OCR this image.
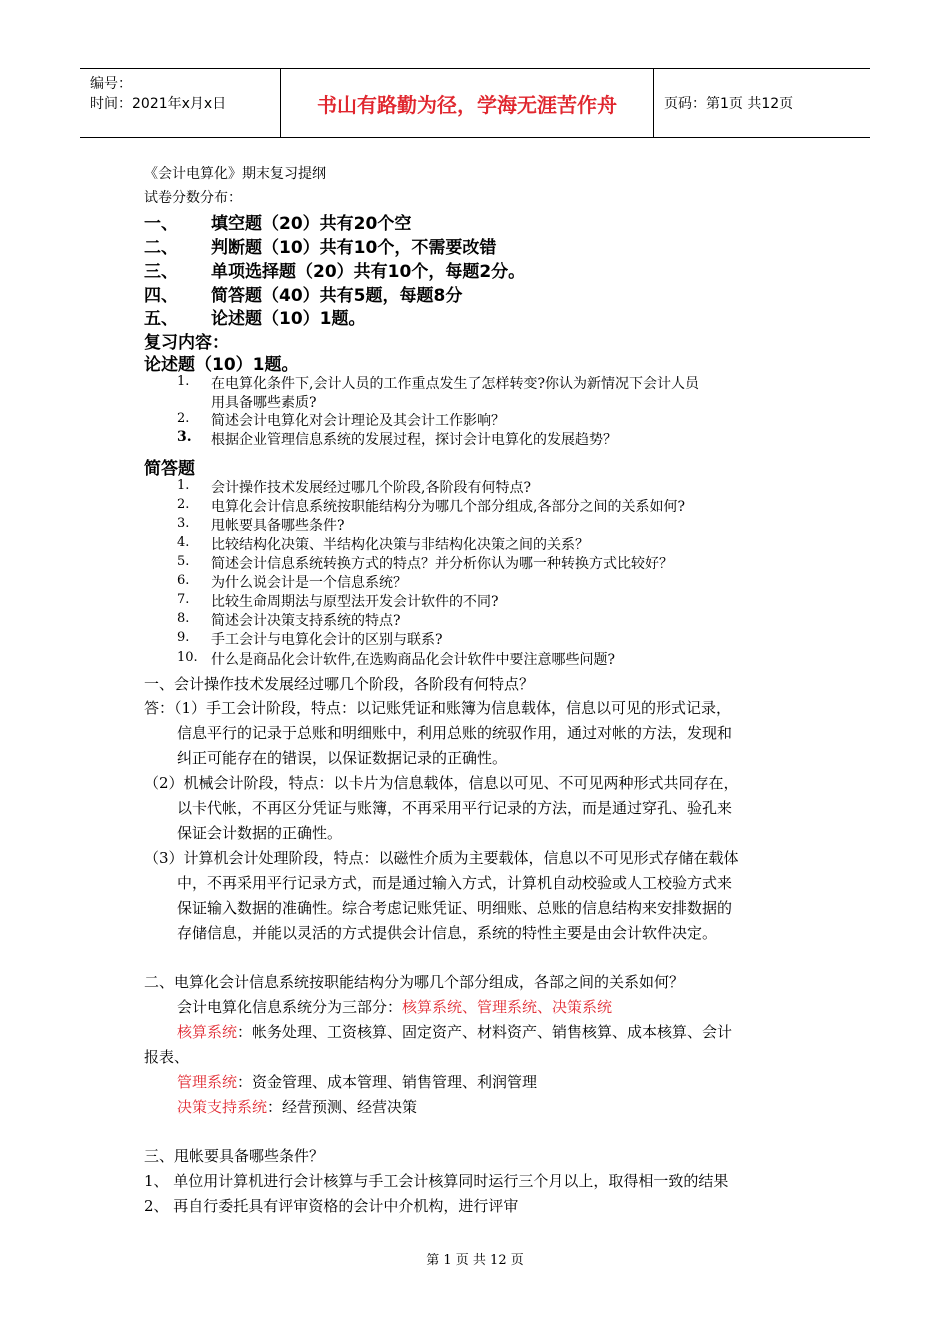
编号：
时间：2021年x月x日	书山有路勤为径，学海无涯苦作舟	页码：第1页 共12页
《会计电算化》期末复习提纲
试卷分数分布：
一、 填空题（20）共有20个空
二、 判断题（10）共有10个，不需要改错
三、 单项选择题（20）共有10个，每题2分。
四、 简答题（40）共有5题，每题8分
五、 论述题（10）1题。
复习内容：
论述题（10）1题。
1. 在电算化条件下,会计人员的工作重点发生了怎样转变?你认为新情况下会计人员
用具备哪些素质?
2. 简述会计电算化对会计理论及其会计工作影响？
3. 根据企业管理信息系统的发展过程，探讨会计电算化的发展趋势？
简答题
1. 会计操作技术发展经过哪几个阶段,各阶段有何特点?
2. 电算化会计信息系统按职能结构分为哪几个部分组成,各部分之间的关系如何?
3. 甩帐要具备哪些条件?
4. 比较结构化决策、半结构化决策与非结构化决策之间的关系？
5. 简述会计信息系统转换方式的特点？并分析你认为哪一种转换方式比较好？
6. 为什么说会计是一个信息系统？
7. 比较生命周期法与原型法开发会计软件的不同?
8. 简述会计决策支持系统的特点?
9. 手工会计与电算化会计的区别与联系?
10. 什么是商品化会计软件,在选购商品化会计软件中要注意哪些问题?
一、会计操作技术发展经过哪几个阶段，各阶段有何特点？
答：（1）手工会计阶段，特点：以记账凭证和账簿为信息载体，信息以可见的形式记录，
信息平行的记录于总账和明细账中，利用总账的统驭作用，通过对帐的方法，发现和
纠正可能存在的错误，以保证数据记录的正确性。
（2）机械会计阶段，特点：以卡片为信息载体，信息以可见、不可见两种形式共同存在，
以卡代帐，不再区分凭证与账簿，不再采用平行记录的方法，而是通过穿孔、验孔来
保证会计数据的正确性。
（3）计算机会计处理阶段，特点：以磁性介质为主要载体，信息以不可见形式存储在载体
中，不再采用平行记录方式，而是通过输入方式，计算机自动校验或人工校验方式来
保证输入数据的准确性。综合考虑记账凭证、明细账、总账的信息结构来安排数据的
存储信息，并能以灵活的方式提供会计信息，系统的特性主要是由会计软件决定。
二、电算化会计信息系统按职能结构分为哪几个部分组成，各部之间的关系如何？
会计电算化信息系统分为三部分：核算系统、管理系统、决策系统
核算系统：帐务处理、工资核算、固定资产、材料资产、销售核算、成本核算、会计
报表、
管理系统：资金管理、成本管理、销售管理、利润管理
决策支持系统：经营预测、经营决策
三、甩帐要具备哪些条件？
1、 单位用计算机进行会计核算与手工会计核算同时运行三个月以上，取得相一致的结果
2、 再自行委托具有评审资格的会计中介机构，进行评审
第 1 页 共 12 页
